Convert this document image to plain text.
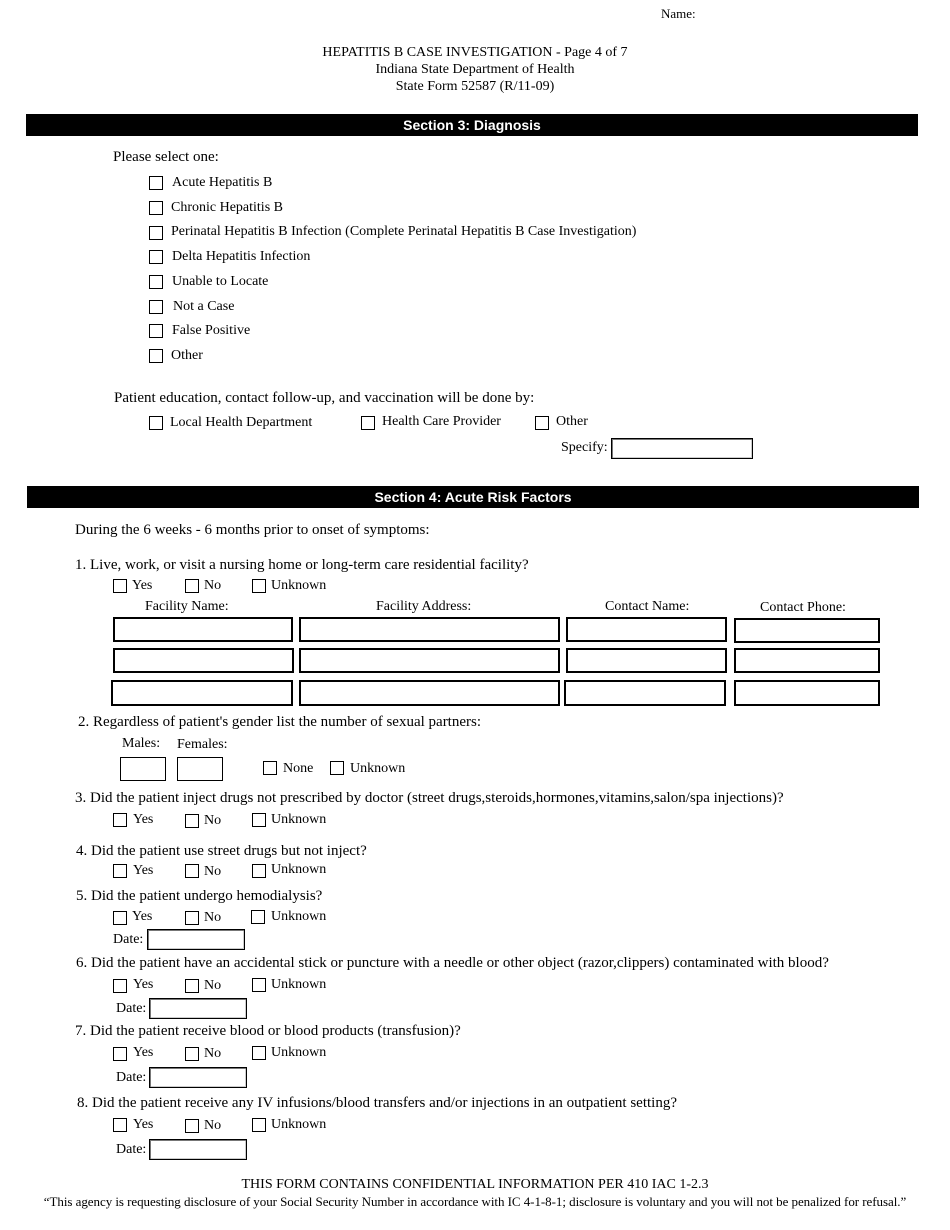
Name:
HEPATITIS B CASE INVESTIGATION - Page 4 of 7
Indiana State Department of Health
State Form 52587 (R/11-09)
Section 3: Diagnosis
Please select one:
Acute Hepatitis B
Chronic Hepatitis B
Perinatal Hepatitis B Infection (Complete Perinatal Hepatitis B Case Investigation)
Delta Hepatitis Infection
Unable to Locate
Not a Case
False Positive
Other
Patient education, contact follow-up, and vaccination will be done by:
Local Health Department	Health Care Provider	Other
Specify:
Section 4: Acute Risk Factors
During the 6 weeks - 6 months prior to onset of symptoms:
1. Live, work, or visit a nursing home or long-term care residential facility?
Yes	No	Unknown
Facility Name:	Facility Address:	Contact Name:	Contact Phone:
2. Regardless of patient's gender list the number of sexual partners:
Males: Females:
None	Unknown
3. Did the patient inject drugs not prescribed by doctor (street drugs,steroids,hormones,vitamins,salon/spa injections)?
Yes	No	Unknown
4. Did the patient use street drugs but not inject?
Yes	No	Unknown
5. Did the patient undergo hemodialysis?
Yes	No	Unknown
Date:
6. Did the patient have an accidental stick or puncture with a needle or other object (razor,clippers) contaminated with blood?
Yes	No	Unknown
Date:
7. Did the patient receive blood or blood products (transfusion)?
Yes	No	Unknown
Date:
8. Did the patient receive any IV infusions/blood transfers and/or injections in an outpatient setting?
Yes	No	Unknown
Date:
THIS FORM CONTAINS CONFIDENTIAL INFORMATION PER 410 IAC 1-2.3
“This agency is requesting disclosure of your Social Security Number in accordance with IC 4-1-8-1; disclosure is voluntary and you will not be penalized for refusal.”
